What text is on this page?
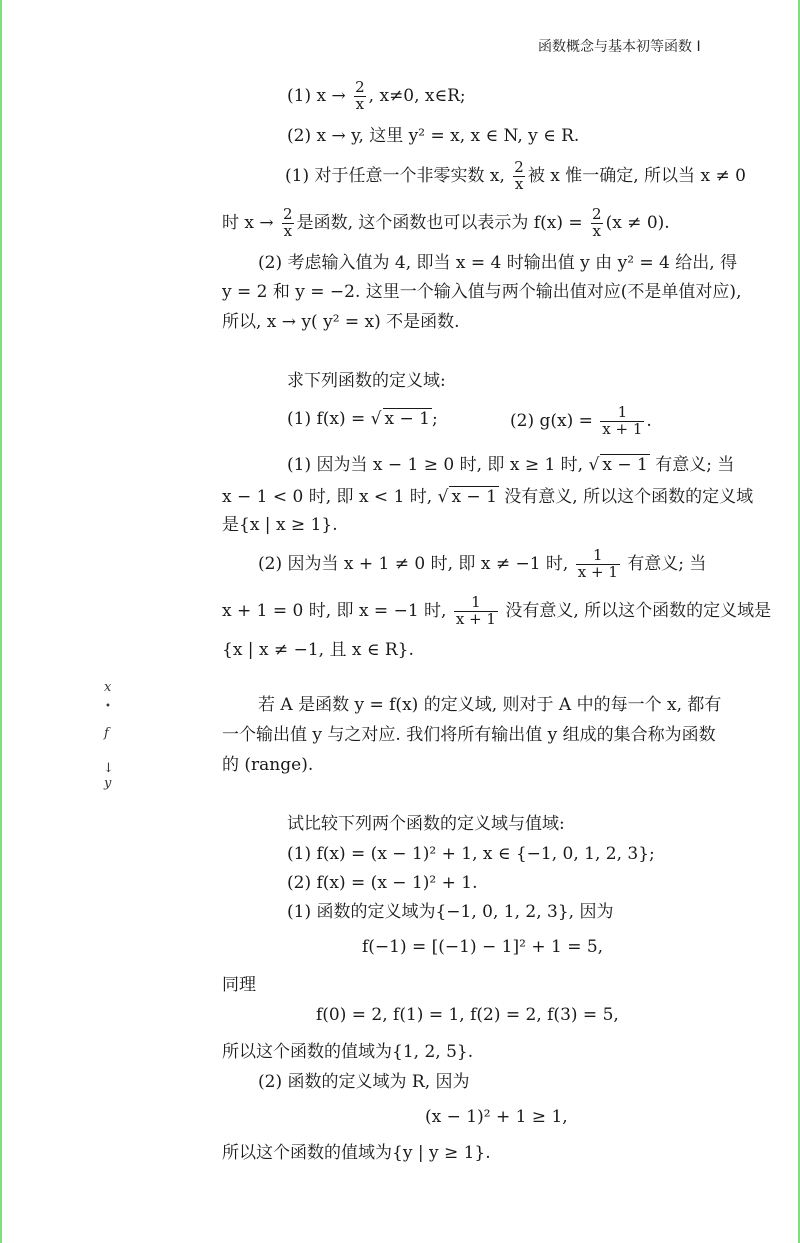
函数概念与基本初等函数 I
(1) $x \to \frac{2}{x}$ , x≠0, x∈R;
(2) x → y, 这里 y² = x, x ∈ N, y ∈ R.
(1) 对于任意一个非零实数 x, $\frac{2}{x}$ 被 x 惟一确定, 所以当 x ≠ 0
时 $x \to \frac{2}{x}$ 是函数, 这个函数也可以表示为 $f(x) = \frac{2}{x} (x \ne 0)$.
(2) 考虑输入值为 4, 即当 x = 4 时输出值 y 由 y² = 4 给出, 得
y = 2 和 y = −2. 这里一个输入值与两个输出值对应(不是单值对应),
所以, x → y( y² = x) 不是函数.
求下列函数的定义域:
(1) f(x) = √ x − 1 ;	(2) $g(x) = \frac{1}{x + 1}$ .
(1) 因为当 x − 1 ≥ 0 时, 即 x ≥ 1 时, √ x − 1 有意义; 当
x − 1 < 0 时, 即 x < 1 时, √ x − 1 没有意义, 所以这个函数的定义域
是{x | x ≥ 1}.
(2) 因为当 x + 1 ≠ 0 时, 即 x ≠ −1 时, $\frac{1}{x + 1}$ 有意义; 当
x + 1 = 0 时, 即 x = −1 时, $\frac{1}{x + 1}$ 没有意义, 所以这个函数的定义域是
{x | x ≠ −1, 且 x ∈ R}.
x
•
f
↓
y
若 A 是函数 y = f(x) 的定义域, 则对于 A 中的每一个 x, 都有
一个输出值 y 与之对应. 我们将所有输出值 y 组成的集合称为函数
的 (range).
试比较下列两个函数的定义域与值域:
(1) f(x) = (x − 1)² + 1, x ∈ {−1, 0, 1, 2, 3};
(2) f(x) = (x − 1)² + 1.
(1) 函数的定义域为{−1, 0, 1, 2, 3}, 因为
f(−1) = [(−1) − 1]² + 1 = 5,
同理
f(0) = 2, f(1) = 1, f(2) = 2, f(3) = 5,
所以这个函数的值域为{1, 2, 5}.
(2) 函数的定义域为 R, 因为
(x − 1)² + 1 ≥ 1,
所以这个函数的值域为{y | y ≥ 1}.
